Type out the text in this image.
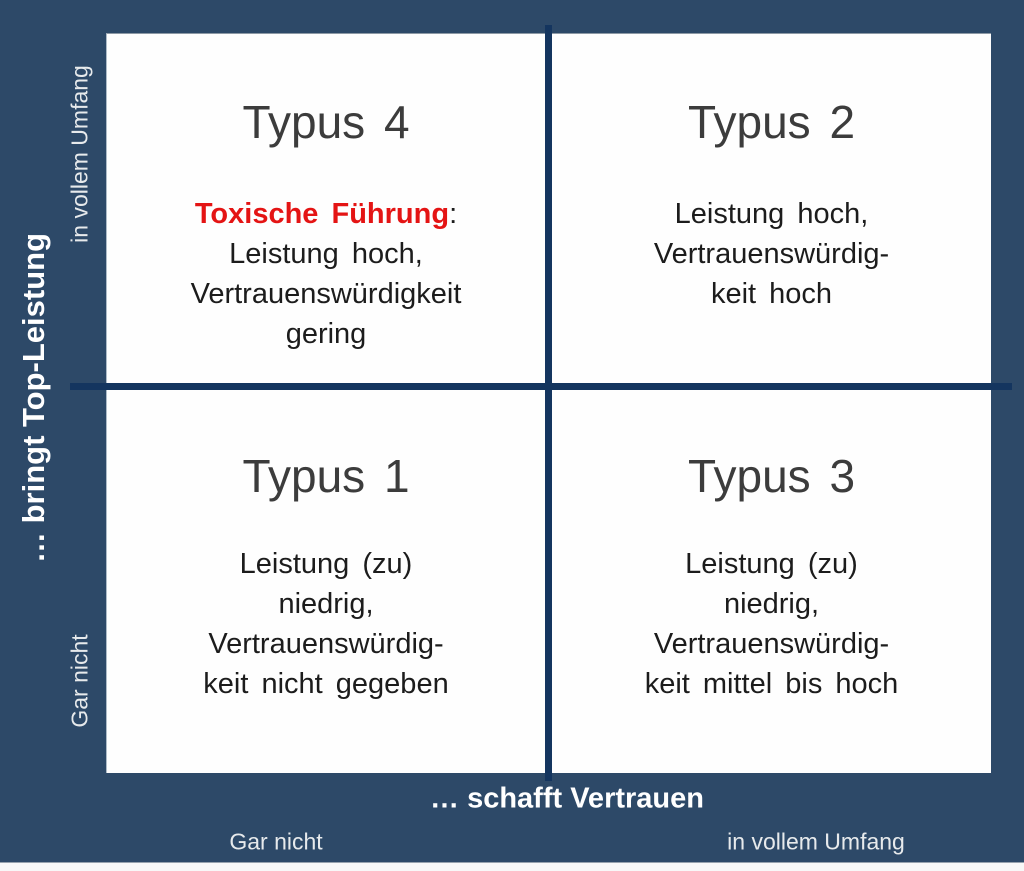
Typus 4
Toxische Führung:
Leistung hoch,
Vertrauenswürdigkeit
gering
Typus 2
Leistung hoch,
Vertrauenswürdig-
keit hoch
Typus 1
Leistung (zu)
niedrig,
Vertrauenswürdig-
keit nicht gegeben
Typus 3
Leistung (zu)
niedrig,
Vertrauenswürdig-
keit mittel bis hoch
… bringt Top-Leistung
in vollem Umfang
Gar nicht
… schafft Vertrauen
Gar nicht	in vollem Umfang
